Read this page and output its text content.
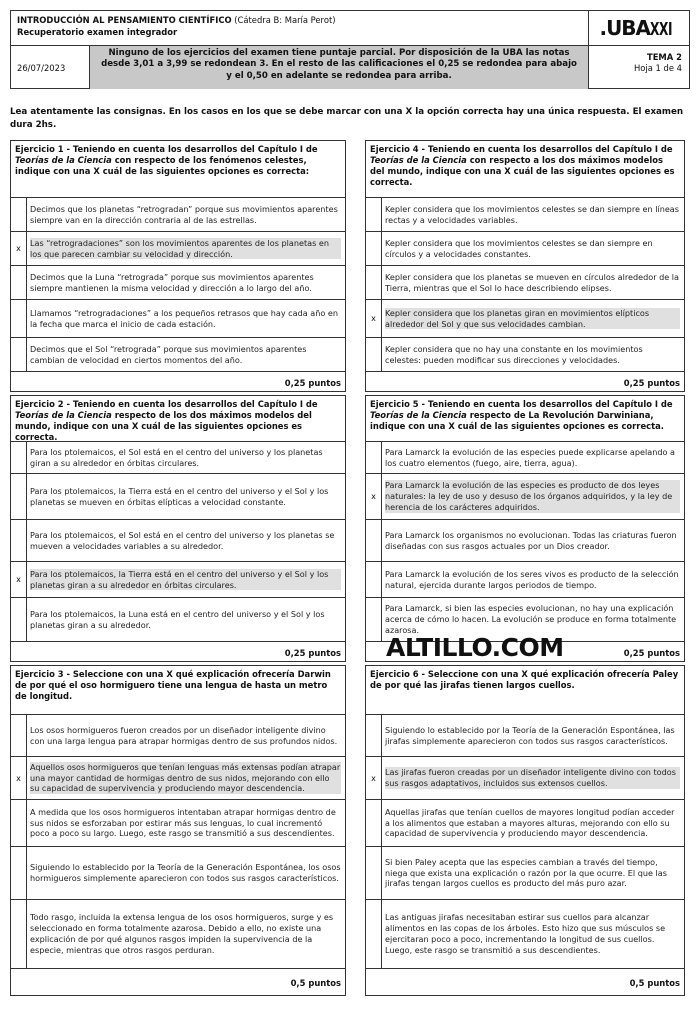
INTRODUCCIÓN AL PENSAMIENTO CIENTÍFICO (Cátedra B: María Perot)
Recuperatorio examen integrador	.UBAXXI
26/07/2023
Ninguno de los ejercicios del examen tiene puntaje parcial. Por disposición de la UBA las notas desde 3,01 a 3,99 se redondean 3. En el resto de las calificaciones el 0,25 se redondea para abajo y el 0,50 en adelante se redondea para arriba.
TEMA 2
Hoja 1 de 4
Lea atentamente las consignas. En los casos en los que se debe marcar con una X la opción correcta hay una única respuesta. El examen dura 2hs.
Ejercicio 1 - Teniendo en cuenta los desarrollos del Capítulo I de Teorías de la Ciencia con respecto de los fenómenos celestes, indique con una X cuál de las siguientes opciones es correcta:
Decimos que los planetas “retrogradan” porque sus movimientos aparentes siempre van en la dirección contraria al de las estrellas.
x
Las “retrogradaciones” son los movimientos aparentes de los planetas en los que parecen cambiar su velocidad y dirección.
Decimos que la Luna “retrograda” porque sus movimientos aparentes siempre mantienen la misma velocidad y dirección a lo largo del año.
Llamamos “retrogradaciones” a los pequeños retrasos que hay cada año en la fecha que marca el inicio de cada estación.
Decimos que el Sol “retrograda” porque sus movimientos aparentes cambian de velocidad en ciertos momentos del año.
0,25 puntos
Ejercicio 4 - Teniendo en cuenta los desarrollos del Capítulo I de Teorías de la Ciencia con respecto a los dos máximos modelos del mundo, indique con una X cuál de las siguientes opciones es correcta.
Kepler considera que los movimientos celestes se dan siempre en líneas rectas y a velocidades variables.
Kepler considera que los movimientos celestes se dan siempre en círculos y a velocidades constantes.
Kepler considera que los planetas se mueven en círculos alrededor de la Tierra, mientras que el Sol lo hace describiendo elipses.
x
Kepler considera que los planetas giran en movimientos elípticos alrededor del Sol y que sus velocidades cambian.
Kepler considera que no hay una constante en los movimientos celestes: pueden modificar sus direcciones y velocidades.
0,25 puntos
Ejercicio 2 - Teniendo en cuenta los desarrollos del Capítulo I de Teorías de la Ciencia respecto de los dos máximos modelos del mundo, indique con una X cuál de las siguientes opciones es correcta.
Para los ptolemaicos, el Sol está en el centro del universo y los planetas giran a su alrededor en órbitas circulares.
Para los ptolemaicos, la Tierra está en el centro del universo y el Sol y los planetas se mueven en órbitas elípticas a velocidad constante.
Para los ptolemaicos, el Sol está en el centro del universo y los planetas se mueven a velocidades variables a su alrededor.
x
Para los ptolemaicos, la Tierra está en el centro del universo y el Sol y los planetas giran a su alrededor en órbitas circulares.
Para los ptolemaicos, la Luna está en el centro del universo y el Sol y los planetas giran a su alrededor.
0,25 puntos
Ejercicio 5 - Teniendo en cuenta los desarrollos del Capítulo I de Teorías de la Ciencia respecto de La Revolución Darwiniana, indique con una X cuál de las siguientes opciones es correcta.
Para Lamarck la evolución de las especies puede explicarse apelando a los cuatro elementos (fuego, aire, tierra, agua).
x
Para Lamarck la evolución de las especies es producto de dos leyes naturales: la ley de uso y desuso de los órganos adquiridos, y la ley de herencia de los carácteres adquiridos.
Para Lamarck los organismos no evolucionan. Todas las criaturas fueron diseñadas con sus rasgos actuales por un Dios creador.
Para Lamarck la evolución de los seres vivos es producto de la selección natural, ejercida durante largos periodos de tiempo.
Para Lamarck, si bien las especies evolucionan, no hay una explicación acerca de cómo lo hacen. La evolución se produce en forma totalmente azarosa.
0,25 puntos
Ejercicio 3 - Seleccione con una X qué explicación ofrecería Darwin de por qué el oso hormiguero tiene una lengua de hasta un metro de longitud.
Los osos hormigueros fueron creados por un diseñador inteligente divino con una larga lengua para atrapar hormigas dentro de sus profundos nidos.
x
Aquellos osos hormigueros que tenían lenguas más extensas podían atrapar una mayor cantidad de hormigas dentro de sus nidos, mejorando con ello su capacidad de supervivencia y produciendo mayor descendencia.
A medida que los osos hormigueros intentaban atrapar hormigas dentro de sus nidos se esforzaban por estirar más sus lenguas, lo cual incrementó poco a poco su largo. Luego, este rasgo se transmitió a sus descendientes.
Siguiendo lo establecido por la Teoría de la Generación Espontánea, los osos hormigueros simplemente aparecieron con todos sus rasgos característicos.
Todo rasgo, incluida la extensa lengua de los osos hormigueros, surge y es seleccionado en forma totalmente azarosa. Debido a ello, no existe una explicación de por qué algunos rasgos impiden la supervivencia de la especie, mientras que otros rasgos perduran.
0,5 puntos
Ejercicio 6 - Seleccione con una X qué explicación ofrecería Paley de por qué las jirafas tienen largos cuellos.
Siguiendo lo establecido por la Teoría de la Generación Espontánea, las jirafas simplemente aparecieron con todos sus rasgos característicos.
x
Las jirafas fueron creadas por un diseñador inteligente divino con todos sus rasgos adaptativos, incluidos sus extensos cuellos.
Aquellas jirafas que tenían cuellos de mayores longitud podían acceder a los alimentos que estaban a mayores alturas, mejorando con ello su capacidad de supervivencia y produciendo mayor descendencia.
Si bien Paley acepta que las especies cambian a través del tiempo, niega que exista una explicación o razón por la que ocurre. El que las jirafas tengan largos cuellos es producto del más puro azar.
Las antiguas jirafas necesitaban estirar sus cuellos para alcanzar alimentos en las copas de los árboles. Esto hizo que sus músculos se ejercitaran poco a poco, incrementando la longitud de sus cuellos. Luego, este rasgo se transmitió a sus descendientes.
0,5 puntos
ALTILLO.COM
